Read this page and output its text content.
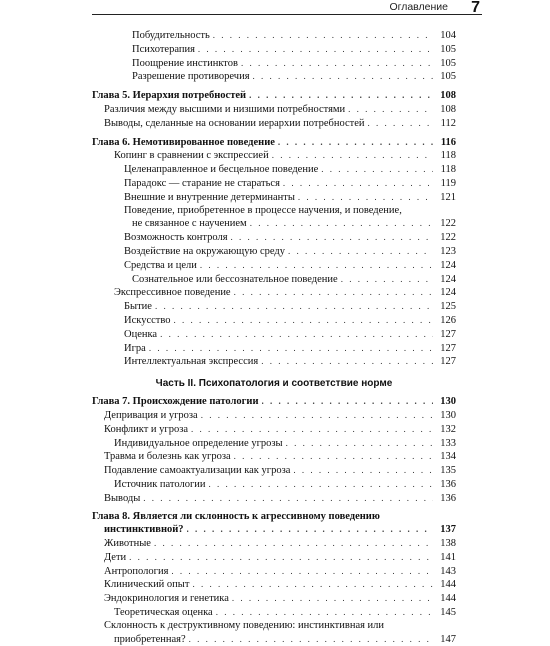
Оглавление 7
Побудительность . . .	104
Психотерапия . . .	105
Поощрение инстинктов . . .	105
Разрешение противоречия . . .	105
Глава 5. Иерархия потребностей . . .	108
Различия между высшими и низшими потребностями . . .	108
Выводы, сделанные на основании иерархии потребностей . . .	112
Глава 6. Немотивированное поведение . . .	116
Копинг в сравнении с экспрессией . . .	118
Целенаправленное и бесцельное поведение . . .	118
Парадокс — старание не стараться . . .	119
Внешние и внутренние детерминанты . . .	121
Поведение, приобретенное в процессе научения, и поведение,
не связанное с научением . . .	122
Возможность контроля . . .	122
Воздействие на окружающую среду . . .	123
Средства и цели . . .	124
Сознательное или бессознательное поведение . . .	124
Экспрессивное поведение . . .	124
Бытие . . .	125
Искусство . . .	126
Оценка . . .	127
Игра . . .	127
Интеллектуальная экспрессия . . .	127
Часть II. Психопатология и соответствие норме
Глава 7. Происхождение патологии . . .	130
Депривация и угроза . . .	130
Конфликт и угроза . . .	132
Индивидуальное определение угрозы . . .	133
Травма и болезнь как угроза . . .	134
Подавление самоактуализации как угроза . . .	135
Источник патологии . . .	136
Выводы . . .	136
Глава 8. Является ли склонность к агрессивному поведению
инстинктивной? . . .	137
Животные . . .	138
Дети . . .	141
Антропология . . .	143
Клинический опыт . . .	144
Эндокринология и генетика . . .	144
Теоретическая оценка . . .	145
Склонность к деструктивному поведению: инстинктивная или
приобретенная? . . .	147
